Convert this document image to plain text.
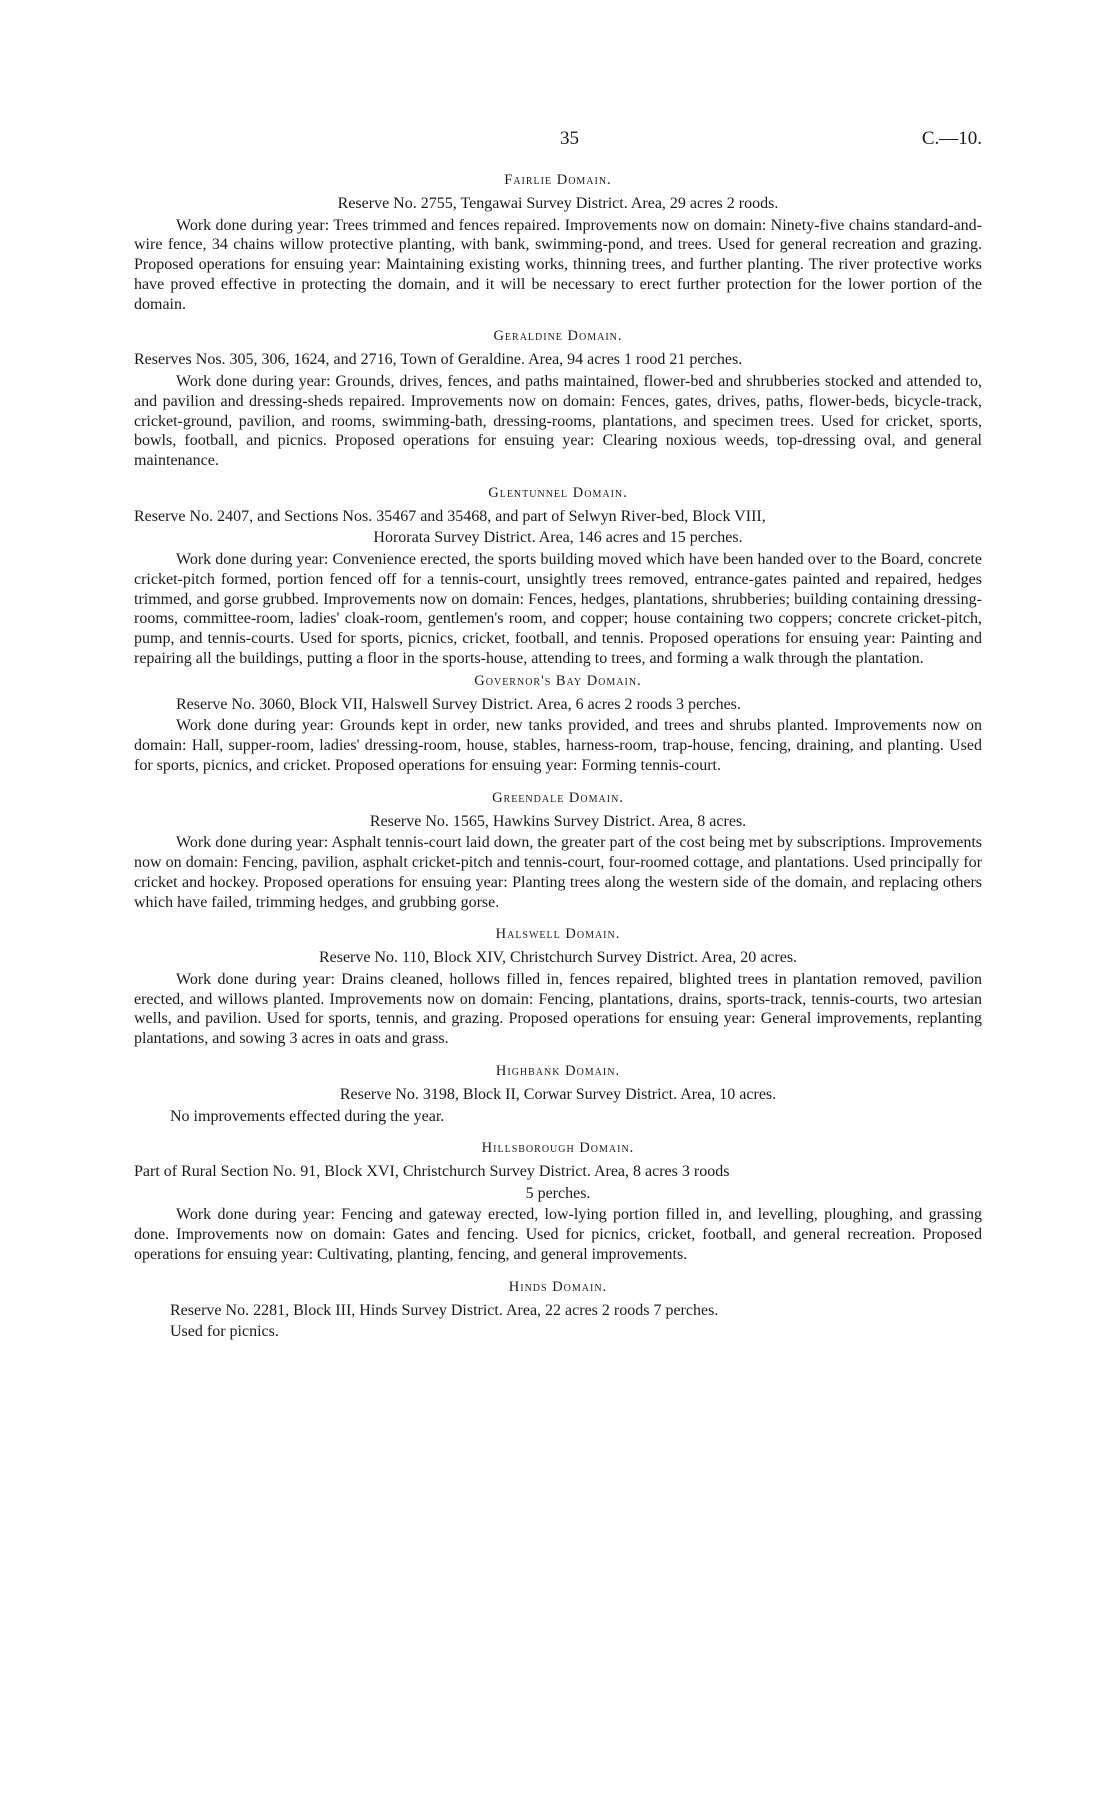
35	C.—10.
Fairlie Domain.
Reserve No. 2755, Tengawai Survey District. Area, 29 acres 2 roods.

Work done during year: Trees trimmed and fences repaired. Improvements now on domain: Ninety-five chains standard-and-wire fence, 34 chains willow protective planting, with bank, swimming-pond, and trees. Used for general recreation and grazing. Proposed operations for ensuing year: Maintaining existing works, thinning trees, and further planting. The river protective works have proved effective in protecting the domain, and it will be necessary to erect further protection for the lower portion of the domain.

Geraldine Domain.
Reserves Nos. 305, 306, 1624, and 2716, Town of Geraldine. Area, 94 acres 1 rood 21 perches.

Work done during year: Grounds, drives, fences, and paths maintained, flower-bed and shrubberies stocked and attended to, and pavilion and dressing-sheds repaired. Improvements now on domain: Fences, gates, drives, paths, flower-beds, bicycle-track, cricket-ground, pavilion, and rooms, swimming-bath, dressing-rooms, plantations, and specimen trees. Used for cricket, sports, bowls, football, and picnics. Proposed operations for ensuing year: Clearing noxious weeds, top-dressing oval, and general maintenance.

Glentunnel Domain.
Reserve No. 2407, and Sections Nos. 35467 and 35468, and part of Selwyn River-bed, Block VIII,
Hororata Survey District. Area, 146 acres and 15 perches.

Work done during year: Convenience erected, the sports building moved which have been handed over to the Board, concrete cricket-pitch formed, portion fenced off for a tennis-court, unsightly trees removed, entrance-gates painted and repaired, hedges trimmed, and gorse grubbed. Improvements now on domain: Fences, hedges, plantations, shrubberies; building containing dressing-rooms, committee-room, ladies' cloak-room, gentlemen's room, and copper; house containing two coppers; concrete cricket-pitch, pump, and tennis-courts. Used for sports, picnics, cricket, football, and tennis. Proposed operations for ensuing year: Painting and repairing all the buildings, putting a floor in the sports-house, attending to trees, and forming a walk through the plantation.

Governor's Bay Domain.
Reserve No. 3060, Block VII, Halswell Survey District. Area, 6 acres 2 roods 3 perches.

Work done during year: Grounds kept in order, new tanks provided, and trees and shrubs planted. Improvements now on domain: Hall, supper-room, ladies' dressing-room, house, stables, harness-room, trap-house, fencing, draining, and planting. Used for sports, picnics, and cricket. Proposed operations for ensuing year: Forming tennis-court.

Greendale Domain.
Reserve No. 1565, Hawkins Survey District. Area, 8 acres.

Work done during year: Asphalt tennis-court laid down, the greater part of the cost being met by subscriptions. Improvements now on domain: Fencing, pavilion, asphalt cricket-pitch and tennis-court, four-roomed cottage, and plantations. Used principally for cricket and hockey. Proposed operations for ensuing year: Planting trees along the western side of the domain, and replacing others which have failed, trimming hedges, and grubbing gorse.

Halswell Domain.
Reserve No. 110, Block XIV, Christchurch Survey District. Area, 20 acres.

Work done during year: Drains cleaned, hollows filled in, fences repaired, blighted trees in plantation removed, pavilion erected, and willows planted. Improvements now on domain: Fencing, plantations, drains, sports-track, tennis-courts, two artesian wells, and pavilion. Used for sports, tennis, and grazing. Proposed operations for ensuing year: General improvements, replanting plantations, and sowing 3 acres in oats and grass.

Highbank Domain.
Reserve No. 3198, Block II, Corwar Survey District. Area, 10 acres.

No improvements effected during the year.

Hillsborough Domain.
Part of Rural Section No. 91, Block XVI, Christchurch Survey District. Area, 8 acres 3 roods
5 perches.

Work done during year: Fencing and gateway erected, low-lying portion filled in, and levelling, ploughing, and grassing done. Improvements now on domain: Gates and fencing. Used for picnics, cricket, football, and general recreation. Proposed operations for ensuing year: Cultivating, planting, fencing, and general improvements.

Hinds Domain.
Reserve No. 2281, Block III, Hinds Survey District. Area, 22 acres 2 roods 7 perches.

Used for picnics.
